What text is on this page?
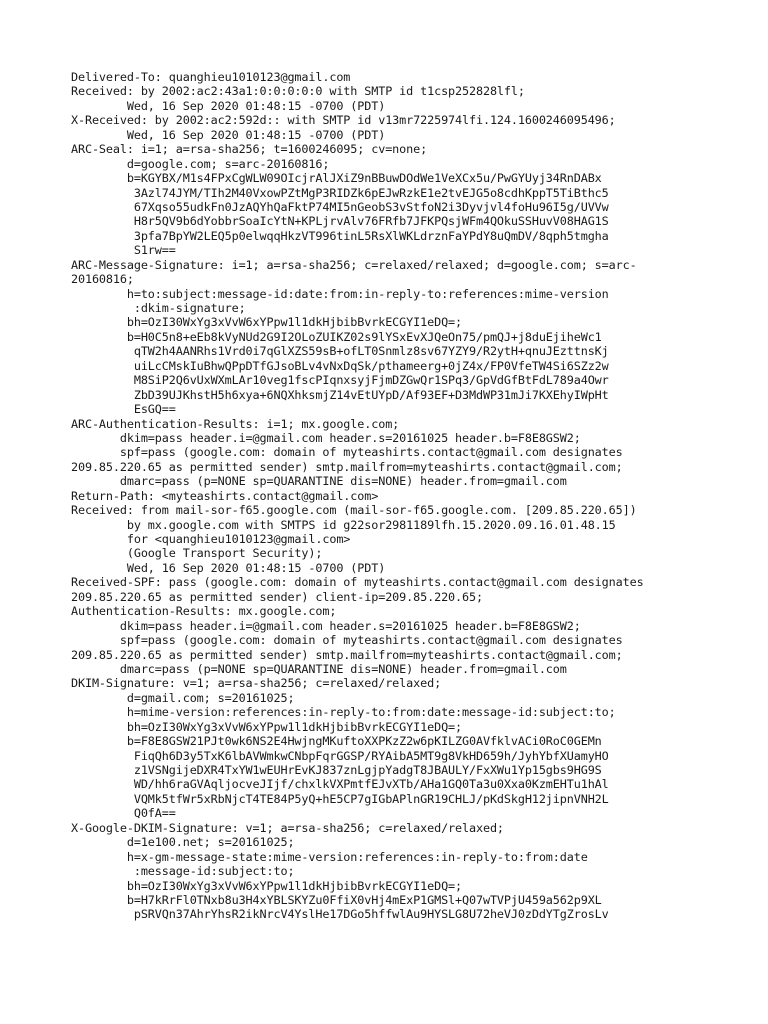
Delivered-To: quanghieu1010123@gmail.com
Received: by 2002:ac2:43a1:0:0:0:0:0 with SMTP id t1csp252828lfl;
Wed, 16 Sep 2020 01:48:15 -0700 (PDT)
X-Received: by 2002:ac2:592d:: with SMTP id v13mr7225974lfi.124.1600246095496;
Wed, 16 Sep 2020 01:48:15 -0700 (PDT)
ARC-Seal: i=1; a=rsa-sha256; t=1600246095; cv=none;
d=google.com; s=arc-20160816;
b=KGYBX/M1s4FPxCgWLW09OIcjrAlJXiZ9nBBuwDOdWe1VeXCx5u/PwGYUyj34RnDABx
3Azl74JYM/TIh2M40VxowPZtMgP3RIDZk6pEJwRzkE1e2tvEJG5o8cdhKppT5TiBthc5
67Xqso55udkFn0JzAQYhQaFktP74MI5nGeobS3vStfoN2i3Dyvjvl4foHu96I5g/UVVw
H8r5QV9b6dYobbrSoaIcYtN+KPLjrvAlv76FRfb7JFKPQsjWFm4QOkuSSHuvV08HAG1S
3pfa7BpYW2LEQ5p0elwqqHkzVT996tinL5RsXlWKLdrznFaYPdY8uQmDV/8qph5tmgha
S1rw==
ARC-Message-Signature: i=1; a=rsa-sha256; c=relaxed/relaxed; d=google.com; s=arc-
20160816;
h=to:subject:message-id:date:from:in-reply-to:references:mime-version
:dkim-signature;
bh=OzI30WxYg3xVvW6xYPpw1l1dkHjbibBvrkECGYI1eDQ=;
b=H0C5n8+eEb8kVyNUd2G9I2OLoZUIKZ02s9lYSxEvXJQeOn75/pmQJ+j8duEjiheWc1
qTW2h4AANRhs1Vrd0i7qGlXZS59sB+ofLT0Snmlz8sv67YZY9/R2ytH+qnuJEzttnsKj
uiLcCMskIuBhwQPpDTfGJsoBLv4vNxDqSk/pthameerg+0jZ4x/FP0VfeTW4Si6SZz2w
M8SiP2Q6vUxWXmLAr10veg1fscPIqnxsyjFjmDZGwQr1SPq3/GpVdGfBtFdL789a4Owr
ZbD39UJKhstH5h6xya+6NQXhksmjZ14vEtUYpD/Af93EF+D3MdWP31mJi7KXEhyIWpHt
EsGQ==
ARC-Authentication-Results: i=1; mx.google.com;
dkim=pass header.i=@gmail.com header.s=20161025 header.b=F8E8GSW2;
spf=pass (google.com: domain of myteashirts.contact@gmail.com designates
209.85.220.65 as permitted sender) smtp.mailfrom=myteashirts.contact@gmail.com;
dmarc=pass (p=NONE sp=QUARANTINE dis=NONE) header.from=gmail.com
Return-Path: <myteashirts.contact@gmail.com>
Received: from mail-sor-f65.google.com (mail-sor-f65.google.com. [209.85.220.65])
by mx.google.com with SMTPS id g22sor2981189lfh.15.2020.09.16.01.48.15
for <quanghieu1010123@gmail.com>
(Google Transport Security);
Wed, 16 Sep 2020 01:48:15 -0700 (PDT)
Received-SPF: pass (google.com: domain of myteashirts.contact@gmail.com designates
209.85.220.65 as permitted sender) client-ip=209.85.220.65;
Authentication-Results: mx.google.com;
dkim=pass header.i=@gmail.com header.s=20161025 header.b=F8E8GSW2;
spf=pass (google.com: domain of myteashirts.contact@gmail.com designates
209.85.220.65 as permitted sender) smtp.mailfrom=myteashirts.contact@gmail.com;
dmarc=pass (p=NONE sp=QUARANTINE dis=NONE) header.from=gmail.com
DKIM-Signature: v=1; a=rsa-sha256; c=relaxed/relaxed;
d=gmail.com; s=20161025;
h=mime-version:references:in-reply-to:from:date:message-id:subject:to;
bh=OzI30WxYg3xVvW6xYPpw1l1dkHjbibBvrkECGYI1eDQ=;
b=F8E8GSW21PJt0wk6NS2E4HwjngMKuftoXXPKzZ2w6pKILZG0AVfklvACi0RoC0GEMn
FiqQh6D3y5TxK6lbAVWmkwCNbpFqrGGSP/RYAibA5MT9g8VkHD659h/JyhYbfXUamyHO
z1VSNgijeDXR4TxYW1wEUHrEvKJ837znLgjpYadgT8JBAULY/FxXWu1Yp15gbs9HG9S
WD/hh6raGVAqljocveJIjf/chxlkVXPmtfEJvXTb/AHa1GQ0Ta3u0Xxa0KzmEHTu1hAl
VQMk5tfWr5xRbNjcT4TE84P5yQ+hE5CP7gIGbAPlnGR19CHLJ/pKdSkgH12jipnVNH2L
Q0fA==
X-Google-DKIM-Signature: v=1; a=rsa-sha256; c=relaxed/relaxed;
d=1e100.net; s=20161025;
h=x-gm-message-state:mime-version:references:in-reply-to:from:date
:message-id:subject:to;
bh=OzI30WxYg3xVvW6xYPpw1l1dkHjbibBvrkECGYI1eDQ=;
b=H7kRrFl0TNxb8u3H4xYBLSKYZu0FfiX0vHj4mExP1GMSl+Q07wTVPjU459a562p9XL
pSRVQn37AhrYhsR2ikNrcV4YslHe17DGo5hffwlAu9HYSLG8U72heVJ0zDdYTgZrosLv
